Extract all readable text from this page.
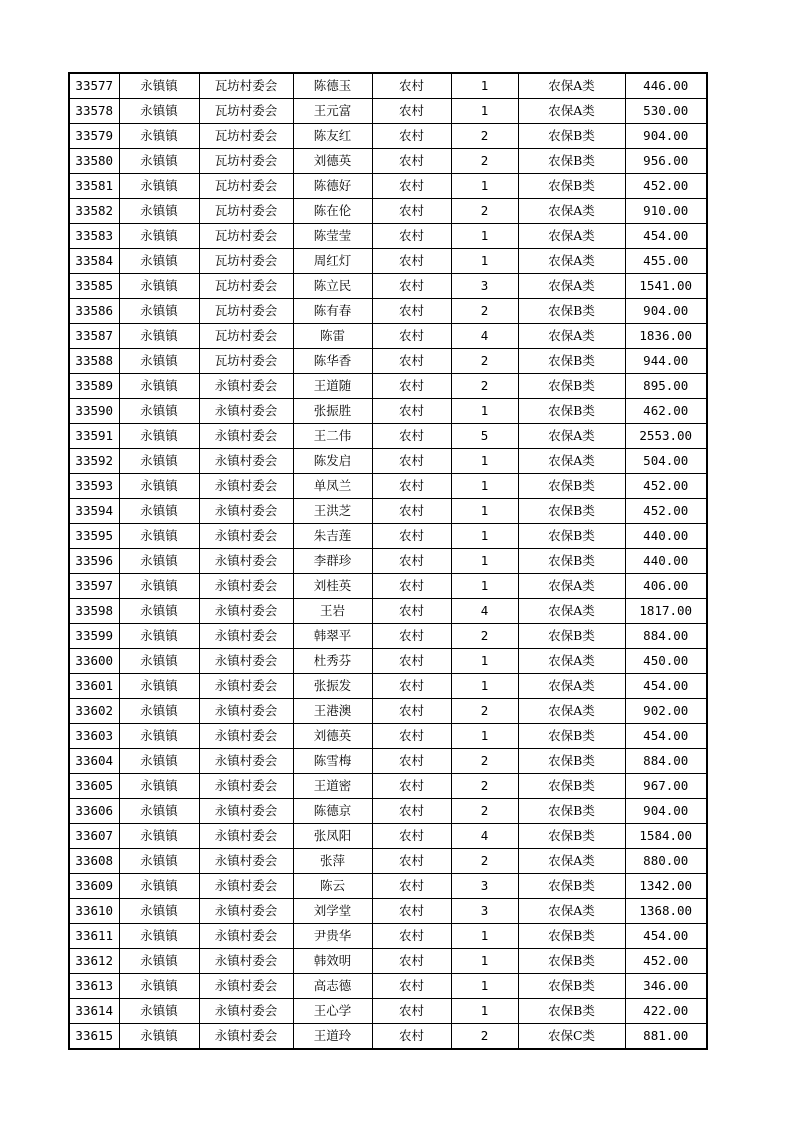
33577	永镇镇	瓦坊村委会	陈德玉	农村	1	农保A类	446.00
33578	永镇镇	瓦坊村委会	王元富	农村	1	农保A类	530.00
33579	永镇镇	瓦坊村委会	陈友红	农村	2	农保B类	904.00
33580	永镇镇	瓦坊村委会	刘德英	农村	2	农保B类	956.00
33581	永镇镇	瓦坊村委会	陈德好	农村	1	农保B类	452.00
33582	永镇镇	瓦坊村委会	陈在伦	农村	2	农保A类	910.00
33583	永镇镇	瓦坊村委会	陈莹莹	农村	1	农保A类	454.00
33584	永镇镇	瓦坊村委会	周红灯	农村	1	农保A类	455.00
33585	永镇镇	瓦坊村委会	陈立民	农村	3	农保A类	1541.00
33586	永镇镇	瓦坊村委会	陈有春	农村	2	农保B类	904.00
33587	永镇镇	瓦坊村委会	陈雷	农村	4	农保A类	1836.00
33588	永镇镇	瓦坊村委会	陈华香	农村	2	农保B类	944.00
33589	永镇镇	永镇村委会	王道随	农村	2	农保B类	895.00
33590	永镇镇	永镇村委会	张振胜	农村	1	农保B类	462.00
33591	永镇镇	永镇村委会	王二伟	农村	5	农保A类	2553.00
33592	永镇镇	永镇村委会	陈发启	农村	1	农保A类	504.00
33593	永镇镇	永镇村委会	单凤兰	农村	1	农保B类	452.00
33594	永镇镇	永镇村委会	王洪芝	农村	1	农保B类	452.00
33595	永镇镇	永镇村委会	朱吉莲	农村	1	农保B类	440.00
33596	永镇镇	永镇村委会	李群珍	农村	1	农保B类	440.00
33597	永镇镇	永镇村委会	刘桂英	农村	1	农保A类	406.00
33598	永镇镇	永镇村委会	王岩	农村	4	农保A类	1817.00
33599	永镇镇	永镇村委会	韩翠平	农村	2	农保B类	884.00
33600	永镇镇	永镇村委会	杜秀芬	农村	1	农保A类	450.00
33601	永镇镇	永镇村委会	张振发	农村	1	农保A类	454.00
33602	永镇镇	永镇村委会	王港澳	农村	2	农保A类	902.00
33603	永镇镇	永镇村委会	刘德英	农村	1	农保B类	454.00
33604	永镇镇	永镇村委会	陈雪梅	农村	2	农保B类	884.00
33605	永镇镇	永镇村委会	王道密	农村	2	农保B类	967.00
33606	永镇镇	永镇村委会	陈德京	农村	2	农保B类	904.00
33607	永镇镇	永镇村委会	张凤阳	农村	4	农保B类	1584.00
33608	永镇镇	永镇村委会	张萍	农村	2	农保A类	880.00
33609	永镇镇	永镇村委会	陈云	农村	3	农保B类	1342.00
33610	永镇镇	永镇村委会	刘学堂	农村	3	农保A类	1368.00
33611	永镇镇	永镇村委会	尹贵华	农村	1	农保B类	454.00
33612	永镇镇	永镇村委会	韩效明	农村	1	农保B类	452.00
33613	永镇镇	永镇村委会	高志德	农村	1	农保B类	346.00
33614	永镇镇	永镇村委会	王心学	农村	1	农保B类	422.00
33615	永镇镇	永镇村委会	王道玲	农村	2	农保C类	881.00
